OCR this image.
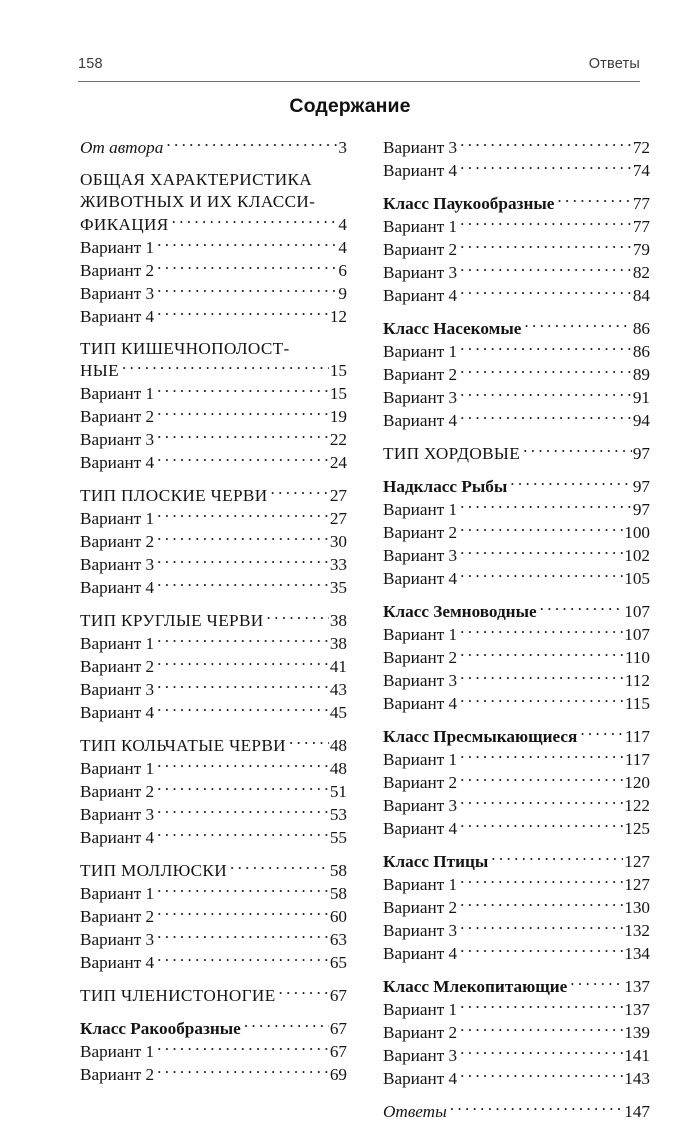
158	Ответы
Содержание
От автора . . .	3
ОБЩАЯ ХАРАКТЕРИСТИКА
ЖИВОТНЫХ И ИХ КЛАССИ-
ФИКАЦИЯ . . .	4
Вариант 1 . . .	4
Вариант 2 . . .	6
Вариант 3 . . .	9
Вариант 4 . . .	12
ТИП КИШЕЧНОПОЛОСТ-
НЫЕ . . .	15
Вариант 1 . . .	15
Вариант 2 . . .	19
Вариант 3 . . .	22
Вариант 4 . . .	24
ТИП ПЛОСКИЕ ЧЕРВИ . . .	27
Вариант 1 . . .	27
Вариант 2 . . .	30
Вариант 3 . . .	33
Вариант 4 . . .	35
ТИП КРУГЛЫЕ ЧЕРВИ . . .	38
Вариант 1 . . .	38
Вариант 2 . . .	41
Вариант 3 . . .	43
Вариант 4 . . .	45
ТИП КОЛЬЧАТЫЕ ЧЕРВИ . . .	48
Вариант 1 . . .	48
Вариант 2 . . .	51
Вариант 3 . . .	53
Вариант 4 . . .	55
ТИП МОЛЛЮСКИ . . .	58
Вариант 1 . . .	58
Вариант 2 . . .	60
Вариант 3 . . .	63
Вариант 4 . . .	65
ТИП ЧЛЕНИСТОНОГИЕ . . .	67
Класс Ракообразные . . .	67
Вариант 1 . . .	67
Вариант 2 . . .	69
Вариант 3 . . .	72
Вариант 4 . . .	74
Класс Паукообразные . . .	77
Вариант 1 . . .	77
Вариант 2 . . .	79
Вариант 3 . . .	82
Вариант 4 . . .	84
Класс Насекомые . . .	86
Вариант 1 . . .	86
Вариант 2 . . .	89
Вариант 3 . . .	91
Вариант 4 . . .	94
ТИП ХОРДОВЫЕ . . .	97
Надкласс Рыбы . . .	97
Вариант 1 . . .	97
Вариант 2 . . .	100
Вариант 3 . . .	102
Вариант 4 . . .	105
Класс Земноводные . . .	107
Вариант 1 . . .	107
Вариант 2 . . .	110
Вариант 3 . . .	112
Вариант 4 . . .	115
Класс Пресмыкающиеся . . .	117
Вариант 1 . . .	117
Вариант 2 . . .	120
Вариант 3 . . .	122
Вариант 4 . . .	125
Класс Птицы . . .	127
Вариант 1 . . .	127
Вариант 2 . . .	130
Вариант 3 . . .	132
Вариант 4 . . .	134
Класс Млекопитающие . . .	137
Вариант 1 . . .	137
Вариант 2 . . .	139
Вариант 3 . . .	141
Вариант 4 . . .	143
Ответы . . .	147
